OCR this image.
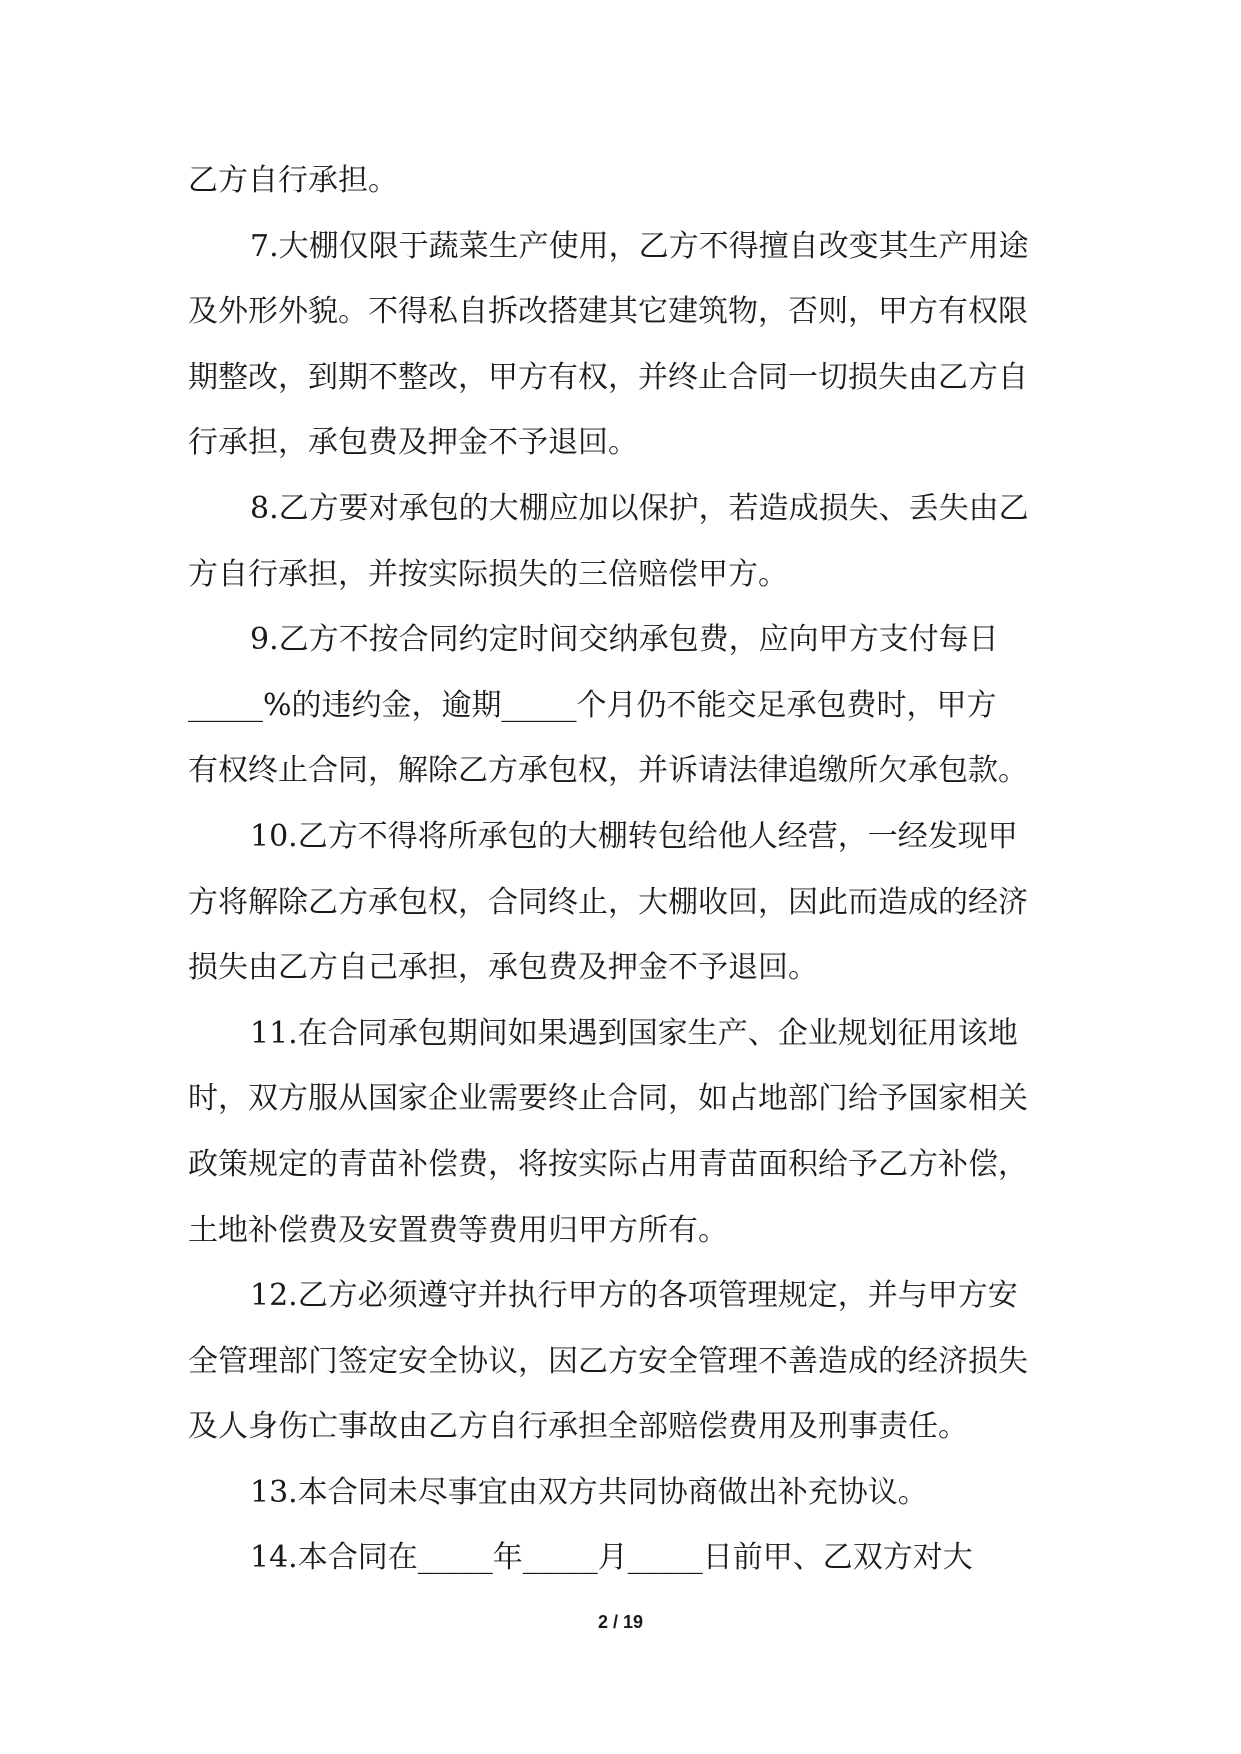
乙方自行承担。
7.大棚仅限于蔬菜生产使用，乙方不得擅自改变其生产用途
及外形外貌。不得私自拆改搭建其它建筑物，否则，甲方有权限
期整改，到期不整改，甲方有权，并终止合同一切损失由乙方自
行承担，承包费及押金不予退回。
8.乙方要对承包的大棚应加以保护，若造成损失、丢失由乙
方自行承担，并按实际损失的三倍赔偿甲方。
9.乙方不按合同约定时间交纳承包费，应向甲方支付每日
_____%的违约金，逾期_____个月仍不能交足承包费时，甲方
有权终止合同，解除乙方承包权，并诉请法律追缴所欠承包款。
10.乙方不得将所承包的大棚转包给他人经营，一经发现甲
方将解除乙方承包权，合同终止，大棚收回，因此而造成的经济
损失由乙方自己承担，承包费及押金不予退回。
11.在合同承包期间如果遇到国家生产、企业规划征用该地
时，双方服从国家企业需要终止合同，如占地部门给予国家相关
政策规定的青苗补偿费，将按实际占用青苗面积给予乙方补偿，
土地补偿费及安置费等费用归甲方所有。
12.乙方必须遵守并执行甲方的各项管理规定，并与甲方安
全管理部门签定安全协议，因乙方安全管理不善造成的经济损失
及人身伤亡事故由乙方自行承担全部赔偿费用及刑事责任。
13.本合同未尽事宜由双方共同协商做出补充协议。
14.本合同在_____年_____月_____日前甲、乙双方对大
2 / 19
